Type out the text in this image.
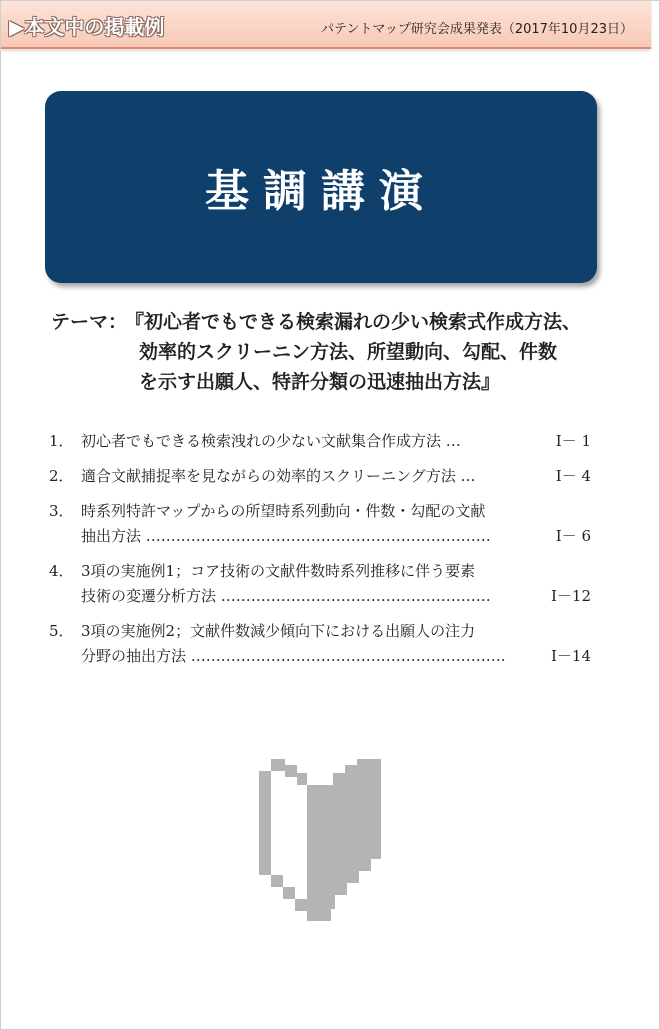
▶本文中の掲載例	パテントマップ研究会成果発表（2017年10月23日）
基調講演
テーマ：
『初心者でもできる検索漏れの少い検索式作成方法、
効率的スクリーニン方法、所望動向、勾配、件数
を示す出願人、特許分類の迅速抽出方法』
1． 初心者でもできる検索洩れの少ない文献集合作成方法 …	Ⅰ－ 1
2． 適合文献捕捉率を見ながらの効率的スクリーニング方法 …	Ⅰ－ 4
3． 時系列特許マップからの所望時系列動向・件数・勾配の文献
抽出方法 ……………………………………………………………	Ⅰ－ 6
4． 3項の実施例1；コア技術の文献件数時系列推移に伴う要素
技術の変遷分析方法 ………………………………………………	Ⅰ－12
5． 3項の実施例2；文献件数減少傾向下における出願人の注力
分野の抽出方法 ………………………………………………………	Ⅰ－14
